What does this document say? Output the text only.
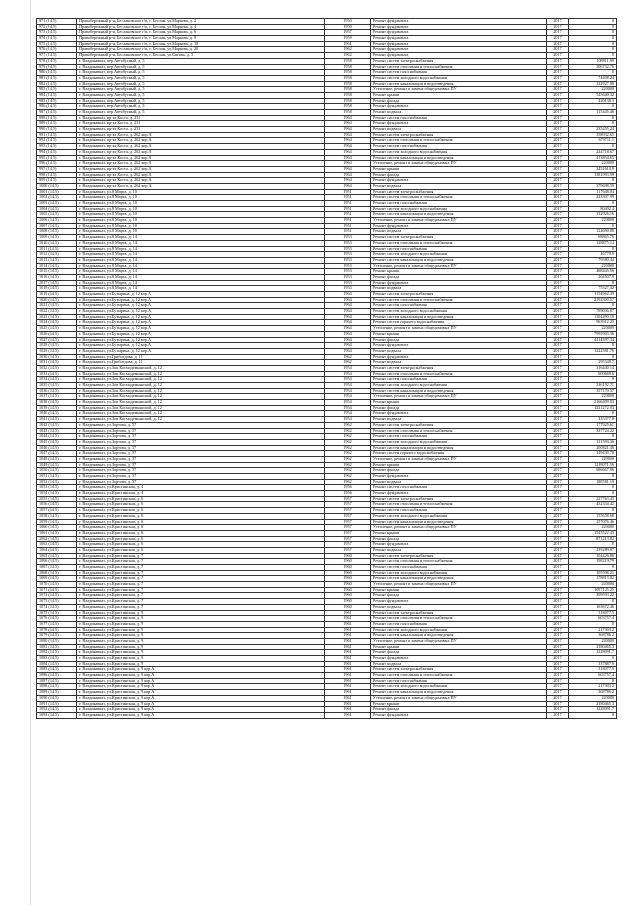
971 (14.5)	Правобережный р-н, Беслановское г/п, г. Беслан, ул.Маркова, д. 2	1950	Ремонт фундамента	2017	0
972 (14.5)	Правобережный р-н, Беслановское г/п, г. Беслан, ул.Маркова, д. 4	1950	Ремонт фундамента	2017	0
973 (14.5)	Правобережный р-н, Беслановское г/п, г. Беслан, ул.Маркова, д. 6	1957	Ремонт фундамента	2017	0
974 (14.5)	Правобережный р-н, Беслановское г/п, г. Беслан, ул.Маркова, д. 9	1959	Ремонт фундамента	2017	0
975 (14.5)	Правобережный р-н, Беслановское г/п, г. Беслан, ул.Маркова, д. 18	1961	Ремонт фундамента	2017	0
976 (14.5)	Правобережный р-н, Беслановское г/п, г. Беслан, ул.Маркова, д. 20	1962	Ремонт фундамента	2017	0
977 (14.5)	Правобережный р-н, Беслановское г/п, г. Беслан, ул.Сигова, д. 5	1962	Ремонт фундамента	2017	0
978 (14.5)	г. Владикавказ, пер.Автобусный, д. 5	1958	Ремонт систем электроснабжения	2017	108911.99
979 (14.5)	г. Владикавказ, пер.Автобусный, д. 5	1958	Ремонт систем отопления и теплоснабжения	2017	206732.76
980 (14.5)	г. Владикавказ, пер.Автобусный, д. 5	1958	Ремонт систем газоснабжения	2017	0
981 (14.5)	г. Владикавказ, пер.Автобусный, д. 5	1958	Ремонт систем холодного водоснабжения	2017	74408.24
982 (14.5)	г. Владикавказ, пер.Автобусный, д. 5	1958	Ремонт систем канализации и водоотведения	2017	122927.98
983 (14.5)	г. Владикавказ, пер.Автобусный, д. 5	1958	Утепление, ремонт и замена общедомовых ПУ	2017	220000
984 (14.5)	г. Владикавказ, пер.Автобусный, д. 5	1958	Ремонт крыши	2017	545640.32
985 (14.5)	г. Владикавказ, пер.Автобусный, д. 5	1958	Ремонт фасада	2017	420138.3
986 (14.5)	г. Владикавказ, пер.Автобусный, д. 5	1958	Ремонт фундамента	2017	0
987 (14.5)	г. Владикавказ, пер.Автобусный, д. 5	1958	Ремонт подвала	2017	115445.46
988 (14.5)	г. Владикавказ, пр-кт Коста, д. 231	1964	Ремонт систем газоснабжения	2017	0
989 (14.5)	г. Владикавказ, пр-кт Коста, д. 231	1964	Ремонт фундамента	2017	0
990 (14.5)	г. Владикавказ, пр-кт Коста, д. 231	1964	Ремонт подвала	2017	235455.24
991 (14.5)	г. Владикавказ, пр-кт Коста, д. 262 кор.А	1964	Ремонт систем электроснабжения	2017	358932.65
992 (14.5)	г. Владикавказ, пр-кт Коста, д. 262 кор.А	1964	Ремонт систем отопления и теплоснабжения	2017	679711.1
993 (14.5)	г. Владикавказ, пр-кт Коста, д. 262 кор.А	1964	Ремонт систем газоснабжения	2017	0
994 (14.5)	г. Владикавказ, пр-кт Коста, д. 262 кор.А	1964	Ремонт систем холодного водоснабжения	2017	244718.67
995 (14.5)	г. Владикавказ, пр-кт Коста, д. 262 кор.А	1964	Ремонт систем канализации и водоотведения	2017	413854.65
996 (14.5)	г. Владикавказ, пр-кт Коста, д. 262 кор.А	1964	Утепление, ремонт и замена общедомовых ПУ	2017	220000
997 (14.5)	г. Владикавказ, пр-кт Коста, д. 262 кор.А	1964	Ремонт крыши	2017	2451614.9
998 (14.5)	г. Владикавказ, пр-кт Коста, д. 262 кор.А	1964	Ремонт фасада	2017	1381993.99
999 (14.5)	г. Владикавказ, пр-кт Коста, д. 262 кор.А	1964	Ремонт фундамента	2017	0
1000 (14.5)	г. Владикавказ, пр-кт Коста, д. 262 кор.А	1964	Ремонт подвала	2017	379698.59
1001 (14.5)	г. Владикавказ, ул.8 Марта, д. 10	1951	Ремонт систем электроснабжения	2017	117648.04
1002 (14.5)	г. Владикавказ, ул.8 Марта, д. 10	1951	Ремонт систем отопления и теплоснабжения	2017	223307.99
1003 (14.5)	г. Владикавказ, ул.8 Марта, д. 10	1951	Ремонт систем газоснабжения	2017	0
1004 (14.5)	г. Владикавказ, ул.8 Марта, д. 10	1951	Ремонт систем холодного водоснабжения	2017	80402.4
1005 (14.5)	г. Владикавказ, ул.8 Марта, д. 10	1951	Ремонт систем канализации и водоотведения	2017	132926.16
1006 (14.5)	г. Владикавказ, ул.8 Марта, д. 10	1951	Утепление, ремонт и замена общедомовых ПУ	2017	220000
1007 (14.5)	г. Владикавказ, ул.8 Марта, д. 10	1951	Ремонт фундамента	2017	0
1008 (14.5)	г. Владикавказ, ул.8 Марта, д. 10	1951	Ремонт подвала	2017	124690.08
1009 (14.5)	г. Владикавказ, ул.8 Марта, д. 14	1953	Ремонт систем электроснабжения	2017	68865.76
1010 (14.5)	г. Владикавказ, ул.8 Марта, д. 14	1953	Ремонт систем отопления и теплоснабжения	2017	128875.14
1011 (14.5)	г. Владикавказ, ул.8 Марта, д. 14	1953	Ремонт систем газоснабжения	2017	0
1012 (14.5)	г. Владикавказ, ул.8 Марта, д. 14	1953	Ремонт систем холодного водоснабжения	2017	46770.9
1013 (14.5)	г. Владикавказ, ул.8 Марта, д. 14	1953	Ремонт систем канализации и водоотведения	2017	79580.44
1014 (14.5)	г. Владикавказ, ул.8 Марта, д. 14	1953	Утепление, ремонт и замена общедомовых ПУ	2017	220000
1015 (14.5)	г. Владикавказ, ул.8 Марта, д. 14	1953	Ремонт крыши	2017	468445.56
1016 (14.5)	г. Владикавказ, ул.8 Марта, д. 14	1953	Ремонт фасада	2017	264507.9
1017 (14.5)	г. Владикавказ, ул.8 Марта, д. 14	1953	Ремонт фундамента	2017	0
1018 (14.5)	г. Владикавказ, ул.8 Марта, д. 14	1953	Ремонт подвала	2017	75527.32
1019 (14.5)	г. Владикавказ, ул.Бутырина, д. 12 кор.А	1964	Ремонт систем электроснабжения	2017	1154962.49
1020 (14.5)	г. Владикавказ, ул.Бутырина, д. 12 кор.А	1964	Ремонт систем отопления и теплоснабжения	2017	2192300.57
1021 (14.5)	г. Владикавказ, ул.Бутырина, д. 12 кор.А	1964	Ремонт систем газоснабжения	2017	0
1022 (14.5)	г. Владикавказ, ул.Бутырина, д. 12 кор.А	1964	Ремонт систем холодного водоснабжения	2017	789036.07
1023 (14.5)	г. Владикавказ, ул.Бутырина, д. 12 кор.А	1964	Ремонт систем канализации и водоотведения	2017	1304490.19
1024 (14.5)	г. Владикавказ, ул.Бутырина, д. 12 кор.А	1964	Ремонт систем горячего водоснабжения	2017	963912.25
1025 (14.5)	г. Владикавказ, ул.Бутырина, д. 12 кор.А	1964	Утепление, ремонт и замена общедомовых ПУ	2017	220000
1026 (14.5)	г. Владикавказ, ул.Бутырина, д. 12 кор.А	1964	Ремонт крыши	2017	7995903.36
1027 (14.5)	г. Владикавказ, ул.Бутырина, д. 12 кор.А	1964	Ремонт фасада	2017	4414397.34
1028 (14.5)	г. Владикавказ, ул.Бутырина, д. 12 кор.А	1964	Ремонт фундамента	2017	0
1029 (14.5)	г. Владикавказ, ул.Бутырина, д. 12 кор.А	1964	Ремонт подвала	2017	1222581.76
1030 (14.5)	г. Владикавказ, ул.Грибоедова, д. 11	1862	Ремонт фундамента	2017	0
1031 (14.5)	г. Владикавказ, ул.Грибоедова, д. 11	1862	Ремонт подвала	2017	295349.7
1032 (14.5)	г. Владикавказ, ул.Зои Космодемьянской, д. 12	1954	Ремонт систем электроснабжения	2017	316440.14
1033 (14.5)	г. Владикавказ, ул.Зои Космодемьянской, д. 12	1954	Ремонт систем отопления и теплоснабжения	2017	600669.6
1034 (14.5)	г. Владикавказ, ул.Зои Космодемьянской, д. 12	1954	Ремонт систем газоснабжения	2017	0
1035 (14.5)	г. Владикавказ, ул.Зои Космодемьянской, д. 12	1954	Ремонт систем холодного водоснабжения	2017	216192.71
1036 (14.5)	г. Владикавказ, ул.Зои Космодемьянской, д. 12	1954	Ремонт систем канализации и водоотведения	2017	357170.57
1037 (14.5)	г. Владикавказ, ул.Зои Космодемьянской, д. 12	1954	Утепление, ремонт и замена общедомовых ПУ	2017	220000
1038 (14.5)	г. Владикавказ, ул.Зои Космодемьянской, д. 12	1954	Ремонт крыши	2017	2166409.03
1039 (14.5)	г. Владикавказ, ул.Зои Космодемьянской, д. 12	1954	Ремонт фасада	2017	1221272.03
1040 (14.5)	г. Владикавказ, ул.Зои Космодемьянской, д. 12	1954	Ремонт фундамента	2017	0
1041 (14.5)	г. Владикавказ, ул.Зои Космодемьянской, д. 12	1954	Ремонт подвала	2017	335377.8
1042 (14.5)	г. Владикавказ, ул.Зортова, д. 57	1962	Ремонт систем электроснабжения	2017	177925.61
1043 (14.5)	г. Владикавказ, ул.Зортова, д. 57	1962	Ремонт систем отопления и теплоснабжения	2017	337724.22
1044 (14.5)	г. Владикавказ, ул.Зортова, д. 57	1962	Ремонт систем газоснабжения	2017	0
1045 (14.5)	г. Владикавказ, ул.Зортова, д. 57	1962	Ремонт систем холодного водоснабжения	2017	121593.36
1046 (14.5)	г. Владикавказ, ул.Зортова, д. 57	1962	Ремонт систем канализации и водоотведения	2017	200821.46
1047 (14.5)	г. Владикавказ, ул.Зортова, д. 57	1962	Ремонт систем горячего водоснабжения	2017	149430.78
1048 (14.5)	г. Владикавказ, ул.Зортова, д. 57	1962	Утепление, ремонт и замена общедомовых ПУ	2017	220000
1049 (14.5)	г. Владикавказ, ул.Зортова, д. 57	1962	Ремонт крыши	2017	1218071.56
1050 (14.5)	г. Владикавказ, ул.Зортова, д. 57	1962	Ремонт фасада	2017	686667.96
1051 (14.5)	г. Владикавказ, ул.Зортова, д. 57	1962	Ремонт фундамента	2017	0
1052 (14.5)	г. Владикавказ, ул.Зортова, д. 57	1962	Ремонт подвала	2017	188581.19
1053 (14.5)	г. Владикавказ, ул.Кристинская, д. 4	1956	Ремонт систем газоснабжения	2017	0
1054 (14.5)	г. Владикавказ, ул.Кристинская, д. 4	1956	Ремонт фундамента	2017	0
1055 (14.5)	г. Владикавказ, ул.Кристинская, д. 6	1957	Ремонт систем электроснабжения	2017	227763.43
1056 (14.5)	г. Владикавказ, ул.Кристинская, д. 6	1957	Ремонт систем отопления и теплоснабжения	2017	432334.42
1057 (14.5)	г. Владикавказ, ул.Кристинская, д. 6	1957	Ремонт систем газоснабжения	2017	0
1058 (14.5)	г. Владикавказ, ул.Кристинская, д. 6	1957	Ремонт систем холодного водоснабжения	2017	155658.68
1059 (14.5)	г. Владикавказ, ул.Кристинская, д. 6	1957	Ремонт систем канализации и водоотведения	2017	257076.46
1060 (14.5)	г. Владикавказ, ул.Кристинская, д. 6	1957	Утепление, ремонт и замена общедомовых ПУ	2017	220000
1061 (14.5)	г. Владикавказ, ул.Кристинская, д. 6	1957	Ремонт крыши	2017	1545522.45
1062 (14.5)	г. Владикавказ, ул.Кристинская, д. 6	1957	Ремонт фасада	2017	871213.82
1063 (14.5)	г. Владикавказ, ул.Кристинская, д. 6	1957	Ремонт фундамента	2017	0
1064 (14.5)	г. Владикавказ, ул.Кристинская, д. 6	1957	Ремонт подвала	2017	239289.07
1065 (14.5)	г. Владикавказ, ул.Кристинская, д. 7	1960	Ремонт систем электроснабжения	2017	104426.86
1066 (14.5)	г. Владикавказ, ул.Кристинская, д. 7	1960	Ремонт систем отопления и теплоснабжения	2017	198219.79
1067 (14.5)	г. Владикавказ, ул.Кристинская, д. 7	1960	Ремонт систем газоснабжения	2017	0
1068 (14.5)	г. Владикавказ, ул.Кристинская, д. 7	1960	Ремонт систем холодного водоснабжения	2017	105596.21
1069 (14.5)	г. Владикавказ, ул.Кристинская, д. 7	1960	Ремонт систем канализации и водоотведения	2017	178813.82
1070 (14.5)	г. Владикавказ, ул.Кристинская, д. 7	1960	Утепление, ремонт и замена общедомовых ПУ	2017	220000
1071 (14.5)	г. Владикавказ, ул.Кристинская, д. 7	1960	Ремонт крыши	2017	1097125.25
1072 (14.5)	г. Владикавказ, ул.Кристинская, д. 7	1960	Ремонт фасада	2017	399593.22
1073 (14.5)	г. Владикавказ, ул.Кристинская, д. 7	1960	Ремонт фундамента	2017	0
1074 (14.5)	г. Владикавказ, ул.Кристинская, д. 7	1960	Ремонт подвала	2017	163672.46
1075 (14.5)	г. Владикавказ, ул.Кристинская, д. 9	1961	Ремонт систем электроснабжения	2017	318077.5
1076 (14.5)	г. Владикавказ, ул.Кристинская, д. 9	1961	Ремонт систем отопления и теплоснабжения	2017	603757.4
1077 (14.5)	г. Владикавказ, ул.Кристинская, д. 9	1961	Ремонт систем газоснабжения	2017	0
1078 (14.5)	г. Владикавказ, ул.Кристинская, д. 9	1961	Ремонт систем холодного водоснабжения	2017	217303.2
1079 (14.5)	г. Владикавказ, ул.Кристинская, д. 9	1961	Ремонт систем канализации и водоотведения	2017	368786.2
1080 (14.5)	г. Владикавказ, ул.Кристинская, д. 9	1961	Утепление, ремонт и замена общедомовых ПУ	2017	220000
1081 (14.5)	г. Владикавказ, ул.Кристинская, д. 9	1961	Ремонт крыши	2017	2180465.3
1082 (14.5)	г. Владикавказ, ул.Кристинская, д. 9	1961	Ремонт фасада	2017	1228091.7
1083 (14.5)	г. Владикавказ, ул.Кристинская, д. 9	1961	Ремонт фундамента	2017	0
1084 (14.5)	г. Владикавказ, ул.Кристинская, д. 9	1961	Ремонт подвала	2017	337887.9
1085 (14.5)	г. Владикавказ, ул.Кристинская, д. 9 кор.А	1961	Ремонт систем электроснабжения	2017	318077.5
1086 (14.5)	г. Владикавказ, ул.Кристинская, д. 9 кор.А	1961	Ремонт систем отопления и теплоснабжения	2017	603757.4
1087 (14.5)	г. Владикавказ, ул.Кристинская, д. 9 кор.А	1961	Ремонт систем газоснабжения	2017	0
1088 (14.5)	г. Владикавказ, ул.Кристинская, д. 9 кор.А	1961	Ремонт систем холодного водоснабжения	2017	217303.2
1089 (14.5)	г. Владикавказ, ул.Кристинская, д. 9 кор.А	1961	Ремонт систем канализации и водоотведения	2017	368786.2
1090 (14.5)	г. Владикавказ, ул.Кристинская, д. 9 кор.А	1961	Утепление, ремонт и замена общедомовых ПУ	2017	220000
1091 (14.5)	г. Владикавказ, ул.Кристинская, д. 9 кор.А	1961	Ремонт крыши	2017	2180465.3
1092 (14.5)	г. Владикавказ, ул.Кристинская, д. 9 кор.А	1961	Ремонт фасада	2017	1228091.7
1093 (14.5)	г. Владикавказ, ул.Кристинская, д. 9 кор.А	1961	Ремонт фундамента	2017	0
